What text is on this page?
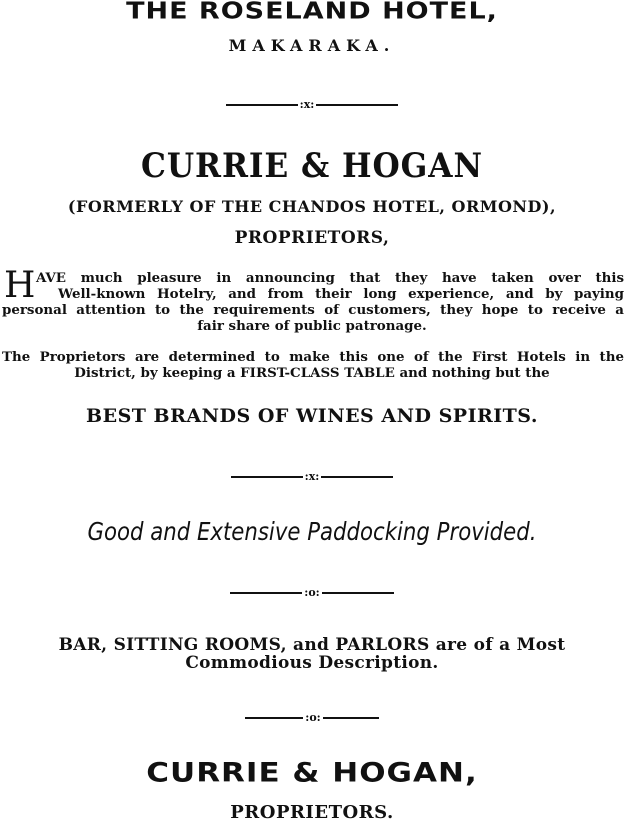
THE ROSELAND HOTEL,
MAKARAKA.
:x:
CURRIE & HOGAN
(FORMERLY OF THE CHANDOS HOTEL, ORMOND),
PROPRIETORS,
H AVE much pleasure in announcing that they have taken over this
Well-known Hotelry, and from their long experience, and by paying
personal attention to the requirements of customers, they hope to receive a
fair share of public patronage.
The Proprietors are determined to make this one of the First Hotels in the
District, by keeping a FIRST-CLASS TABLE and nothing but the
BEST BRANDS OF WINES AND SPIRITS.
:x:
Good and Extensive Paddocking Provided.
:o:
BAR, SITTING ROOMS, and PARLORS are of a Most
Commodious Description.
:o:
CURRIE & HOGAN,
PROPRIETORS.
